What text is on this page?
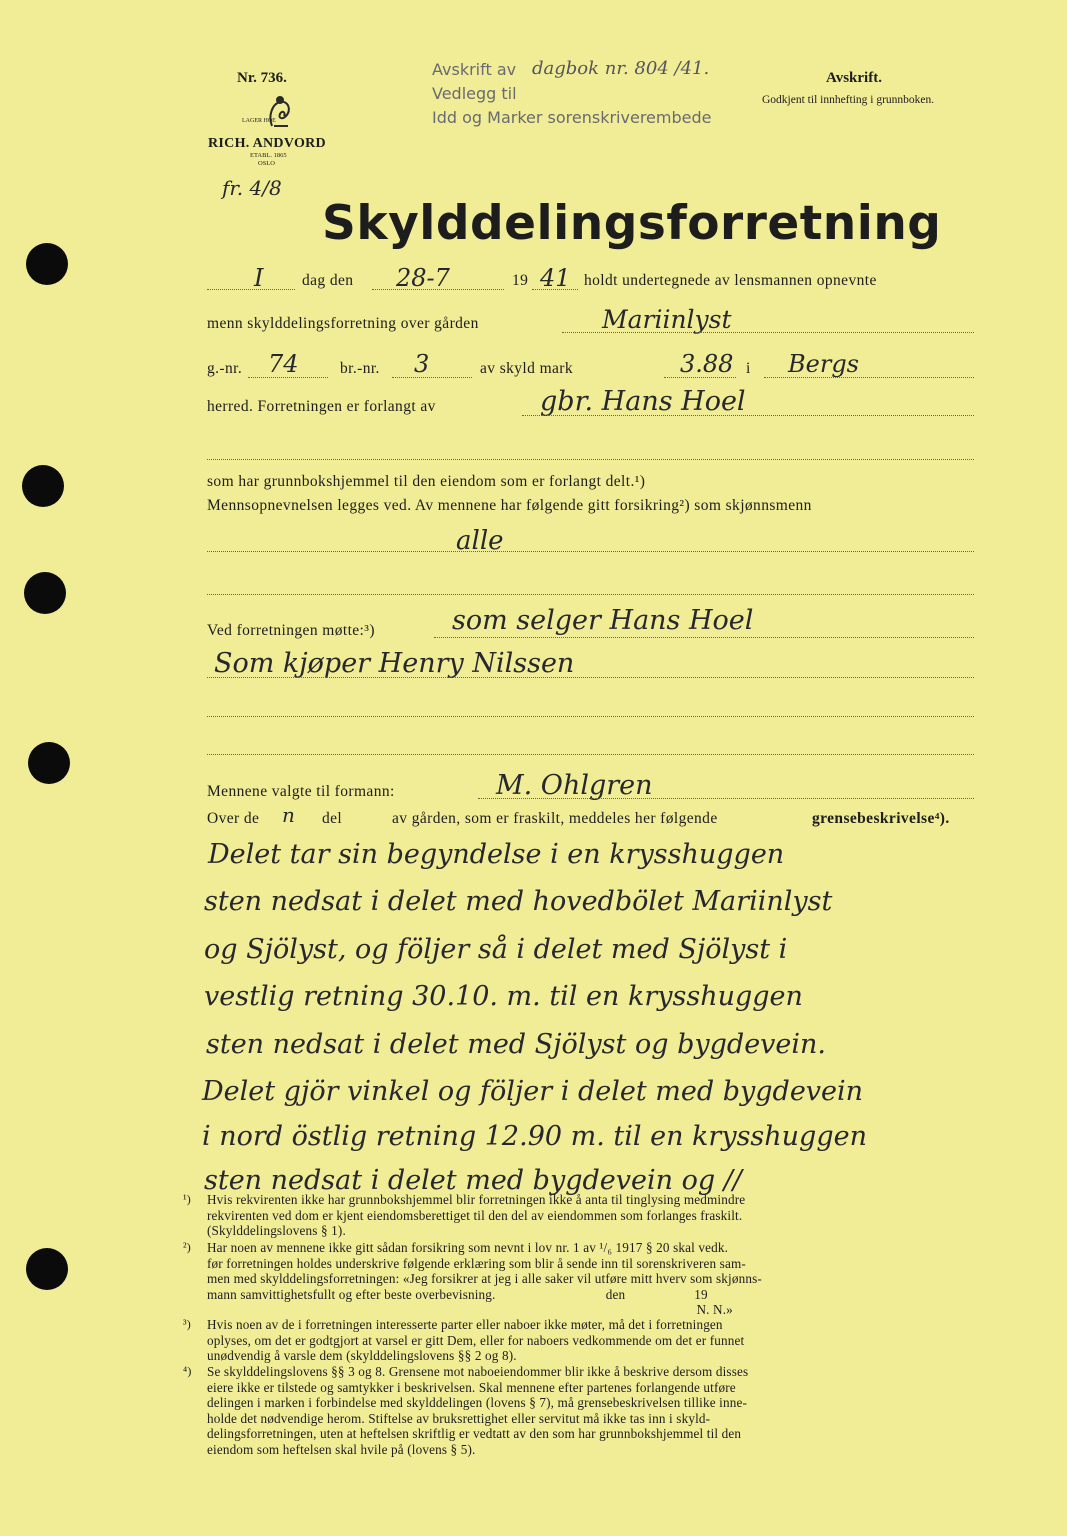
Nr. 736.
LAGER HOE
RICH. ANDVORD
ETABL. 1865
OSLO
fr. 4/8
Avskrift av dagbok nr. 804 /41.
Vedlegg til
Idd og Marker sorenskriverembede
Avskrift.
Godkjent til innhefting i grunnboken.
Skylddelingsforretning
I dag den 28-7	19 41 holdt undertegnede av lensmannen opnevnte
menn skylddelingsforretning over gården	Mariinlyst
g.-nr. 74	br.-nr. 3	av skyld mark	3.88 i Bergs
herred. Forretningen er forlangt av	gbr. Hans Hoel
som har grunnbokshjemmel til den eiendom som er forlangt delt.¹)
Mennsopnevnelsen legges ved. Av mennene har følgende gitt forsikring²) som skjønnsmenn
alle
Ved forretningen møtte:³)	som selger Hans Hoel
Som kjøper Henry Nilssen
Mennene valgte til formann:	M. Ohlgren
Over de n del	av gården, som er fraskilt, meddeles her følgende	grensebeskrivelse⁴).
Delet tar sin begyndelse i en krysshuggen
sten nedsat i delet med hovedbölet Mariinlyst
og Sjölyst, og följer så i delet med Sjölyst i
vestlig retning 30.10. m. til en krysshuggen
sten nedsat i delet med Sjölyst og bygdevein.
Delet gjör vinkel og följer i delet med bygdevein
i nord östlig retning 12.90 m. til en krysshuggen
sten nedsat i delet med bygdevein og //
¹) Hvis rekvirenten ikke har grunnbokshjemmel blir forretningen ikke å anta til tinglysing medmindre
rekvirenten ved dom er kjent eiendomsberettiget til den del av eiendommen som forlanges fraskilt.
(Skylddelingslovens § 1).
²) Har noen av mennene ikke gitt sådan forsikring som nevnt i lov nr. 1 av ¹/₆ 1917 § 20 skal vedk.
før forretningen holdes underskrive følgende erklæring som blir å sende inn til sorenskriveren sam-
men med skylddelingsforretningen: «Jeg forsikrer at jeg i alle saker vil utføre mitt hverv som skjønns-
mann samvittighetsfullt og efter beste overbevisning.                                den                    19
N. N.»
³) Hvis noen av de i forretningen interesserte parter eller naboer ikke møter, må det i forretningen
oplyses, om det er godtgjort at varsel er gitt Dem, eller for naboers vedkommende om det er funnet
unødvendig å varsle dem (skylddelingslovens §§ 2 og 8).
⁴) Se skylddelingslovens §§ 3 og 8. Grensene mot naboeiendommer blir ikke å beskrive dersom disses
eiere ikke er tilstede og samtykker i beskrivelsen. Skal mennene efter partenes forlangende utføre
delingen i marken i forbindelse med skylddelingen (lovens § 7), må grensebeskrivelsen tillike inne-
holde det nødvendige herom. Stiftelse av bruksrettighet eller servitut må ikke tas inn i skyld-
delingsforretningen, uten at heftelsen skriftlig er vedtatt av den som har grunnbokshjemmel til den
eiendom som heftelsen skal hvile på (lovens § 5).
